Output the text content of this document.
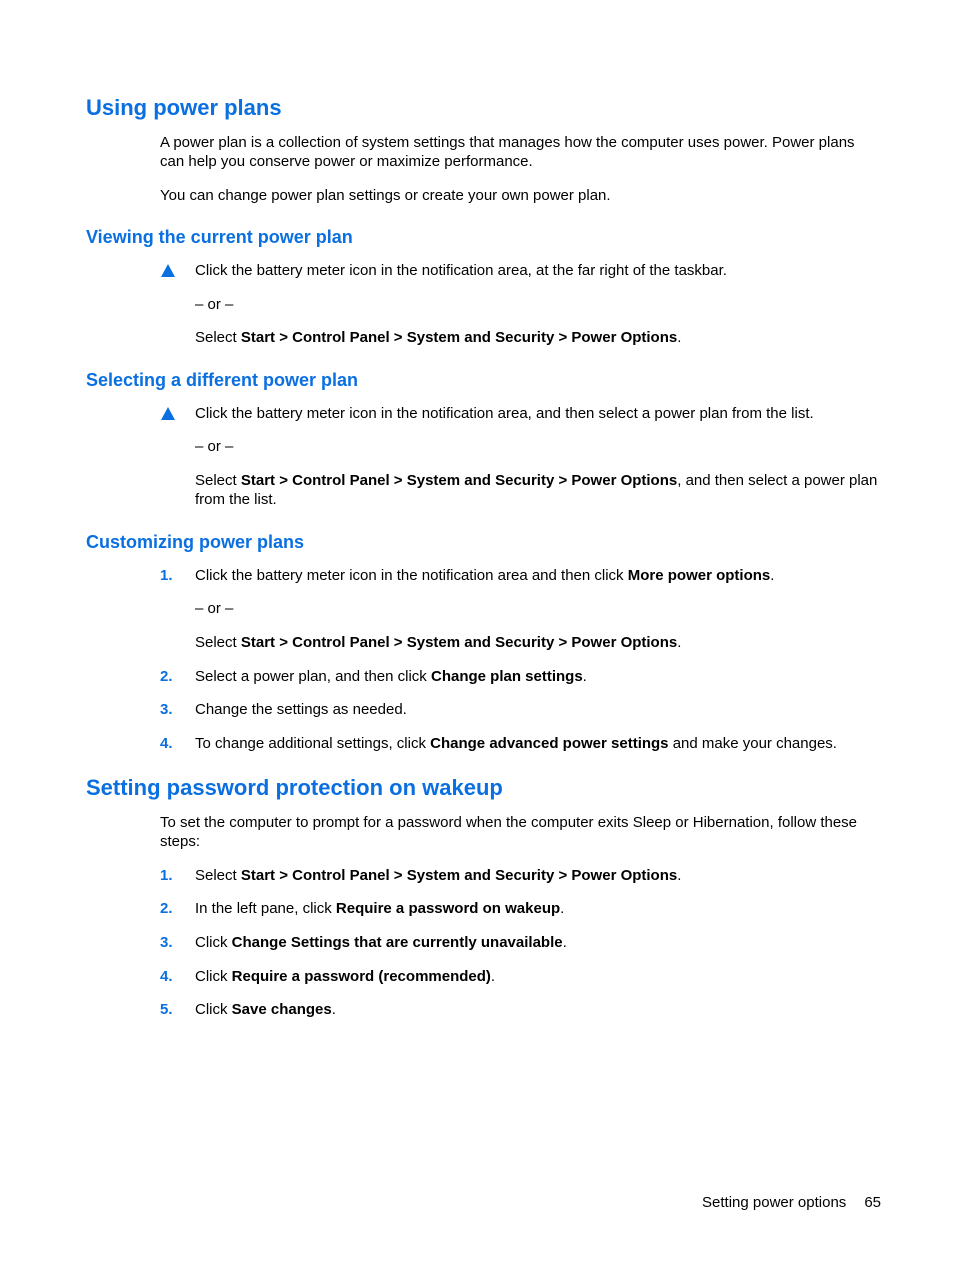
Using power plans

A power plan is a collection of system settings that manages how the computer uses power. Power plans can help you conserve power or maximize performance.

You can change power plan settings or create your own power plan.

Viewing the current power plan

Click the battery meter icon in the notification area, at the far right of the taskbar.

– or –

Select Start > Control Panel > System and Security > Power Options.

Selecting a different power plan

Click the battery meter icon in the notification area, and then select a power plan from the list.

– or –

Select Start > Control Panel > System and Security > Power Options, and then select a power plan from the list.

Customizing power plans
1. Click the battery meter icon in the notification area and then click More power options.

– or –

Select Start > Control Panel > System and Security > Power Options.

2. Select a power plan, and then click Change plan settings.

3. Change the settings as needed.

4. To change additional settings, click Change advanced power settings and make your changes.

Setting password protection on wakeup

To set the computer to prompt for a password when the computer exits Sleep or Hibernation, follow these steps:

1. Select Start > Control Panel > System and Security > Power Options.

2. In the left pane, click Require a password on wakeup.

3. Click Change Settings that are currently unavailable.

4. Click Require a password (recommended).

5. Click Save changes.

Setting power options 65
